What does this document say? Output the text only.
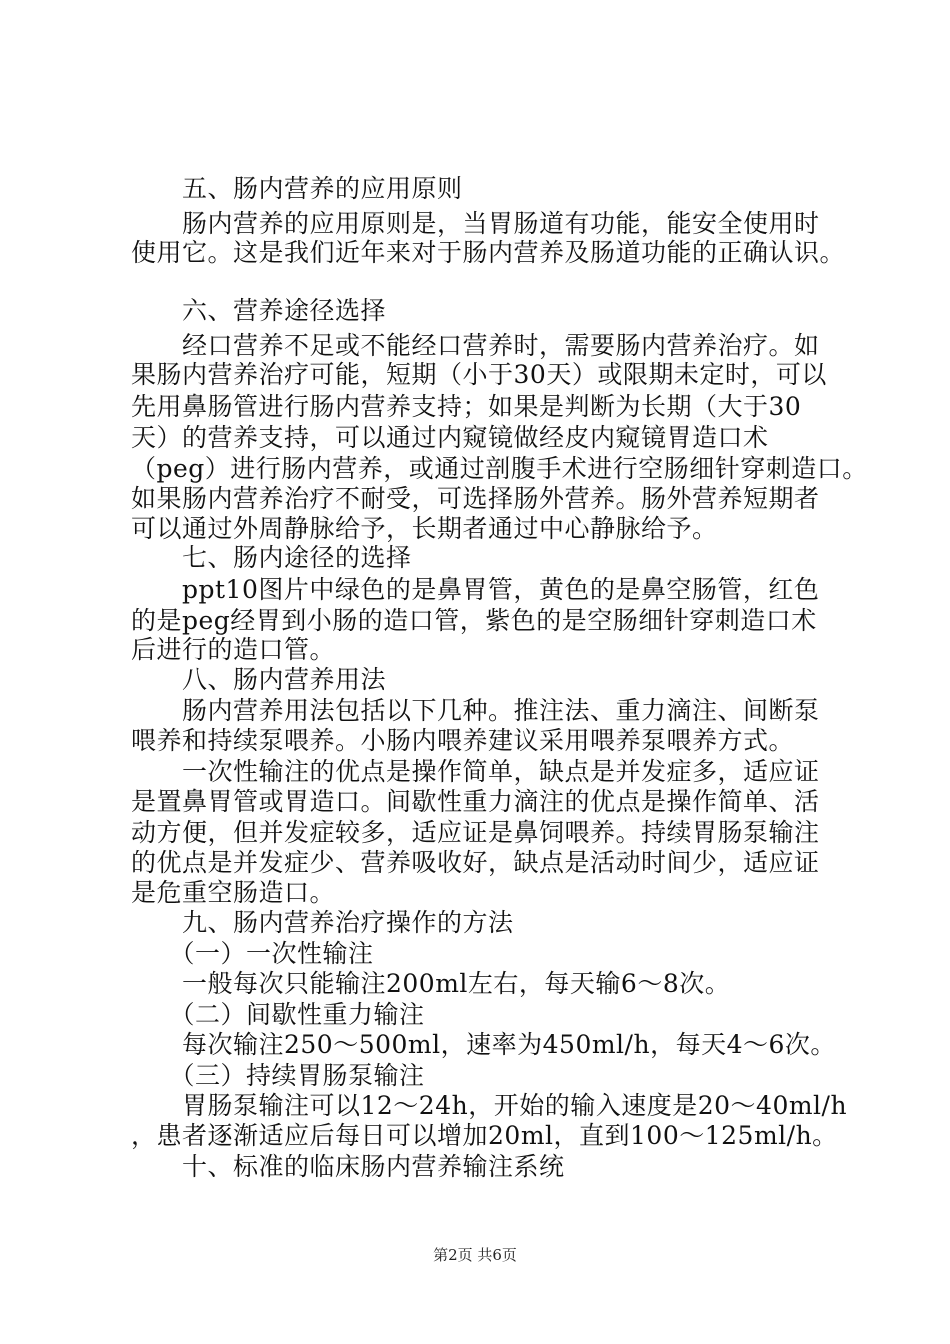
　　五、肠内营养的应用原则
　　肠内营养的应用原则是，当胃肠道有功能，能安全使用时
使用它。这是我们近年来对于肠内营养及肠道功能的正确认识。
　　六、营养途径选择
　　经口营养不足或不能经口营养时，需要肠内营养治疗。如
果肠内营养治疗可能，短期（小于30天）或限期未定时，可以
先用鼻肠管进行肠内营养支持；如果是判断为长期（大于30
天）的营养支持，可以通过内窥镜做经皮内窥镜胃造口术
（peg）进行肠内营养，或通过剖腹手术进行空肠细针穿刺造口。
如果肠内营养治疗不耐受，可选择肠外营养。肠外营养短期者
可以通过外周静脉给予，长期者通过中心静脉给予。
　　七、肠内途径的选择
　　ppt10图片中绿色的是鼻胃管，黄色的是鼻空肠管，红色
的是peg经胃到小肠的造口管，紫色的是空肠细针穿刺造口术
后进行的造口管。
　　八、肠内营养用法
　　肠内营养用法包括以下几种。推注法、重力滴注、间断泵
喂养和持续泵喂养。小肠内喂养建议采用喂养泵喂养方式。
　　一次性输注的优点是操作简单，缺点是并发症多，适应证
是置鼻胃管或胃造口。间歇性重力滴注的优点是操作简单、活
动方便，但并发症较多，适应证是鼻饲喂养。持续胃肠泵输注
的优点是并发症少、营养吸收好，缺点是活动时间少，适应证
是危重空肠造口。
　　九、肠内营养治疗操作的方法
　　（一）一次性输注
　　一般每次只能输注200ml左右，每天输6～8次。
　　（二）间歇性重力输注
　　每次输注250～500ml，速率为450ml/h，每天4～6次。
　　（三）持续胃肠泵输注
　　胃肠泵输注可以12～24h，开始的输入速度是20～40ml/h
，患者逐渐适应后每日可以增加20ml，直到100～125ml/h。
　　十、标准的临床肠内营养输注系统
第2页 共6页
